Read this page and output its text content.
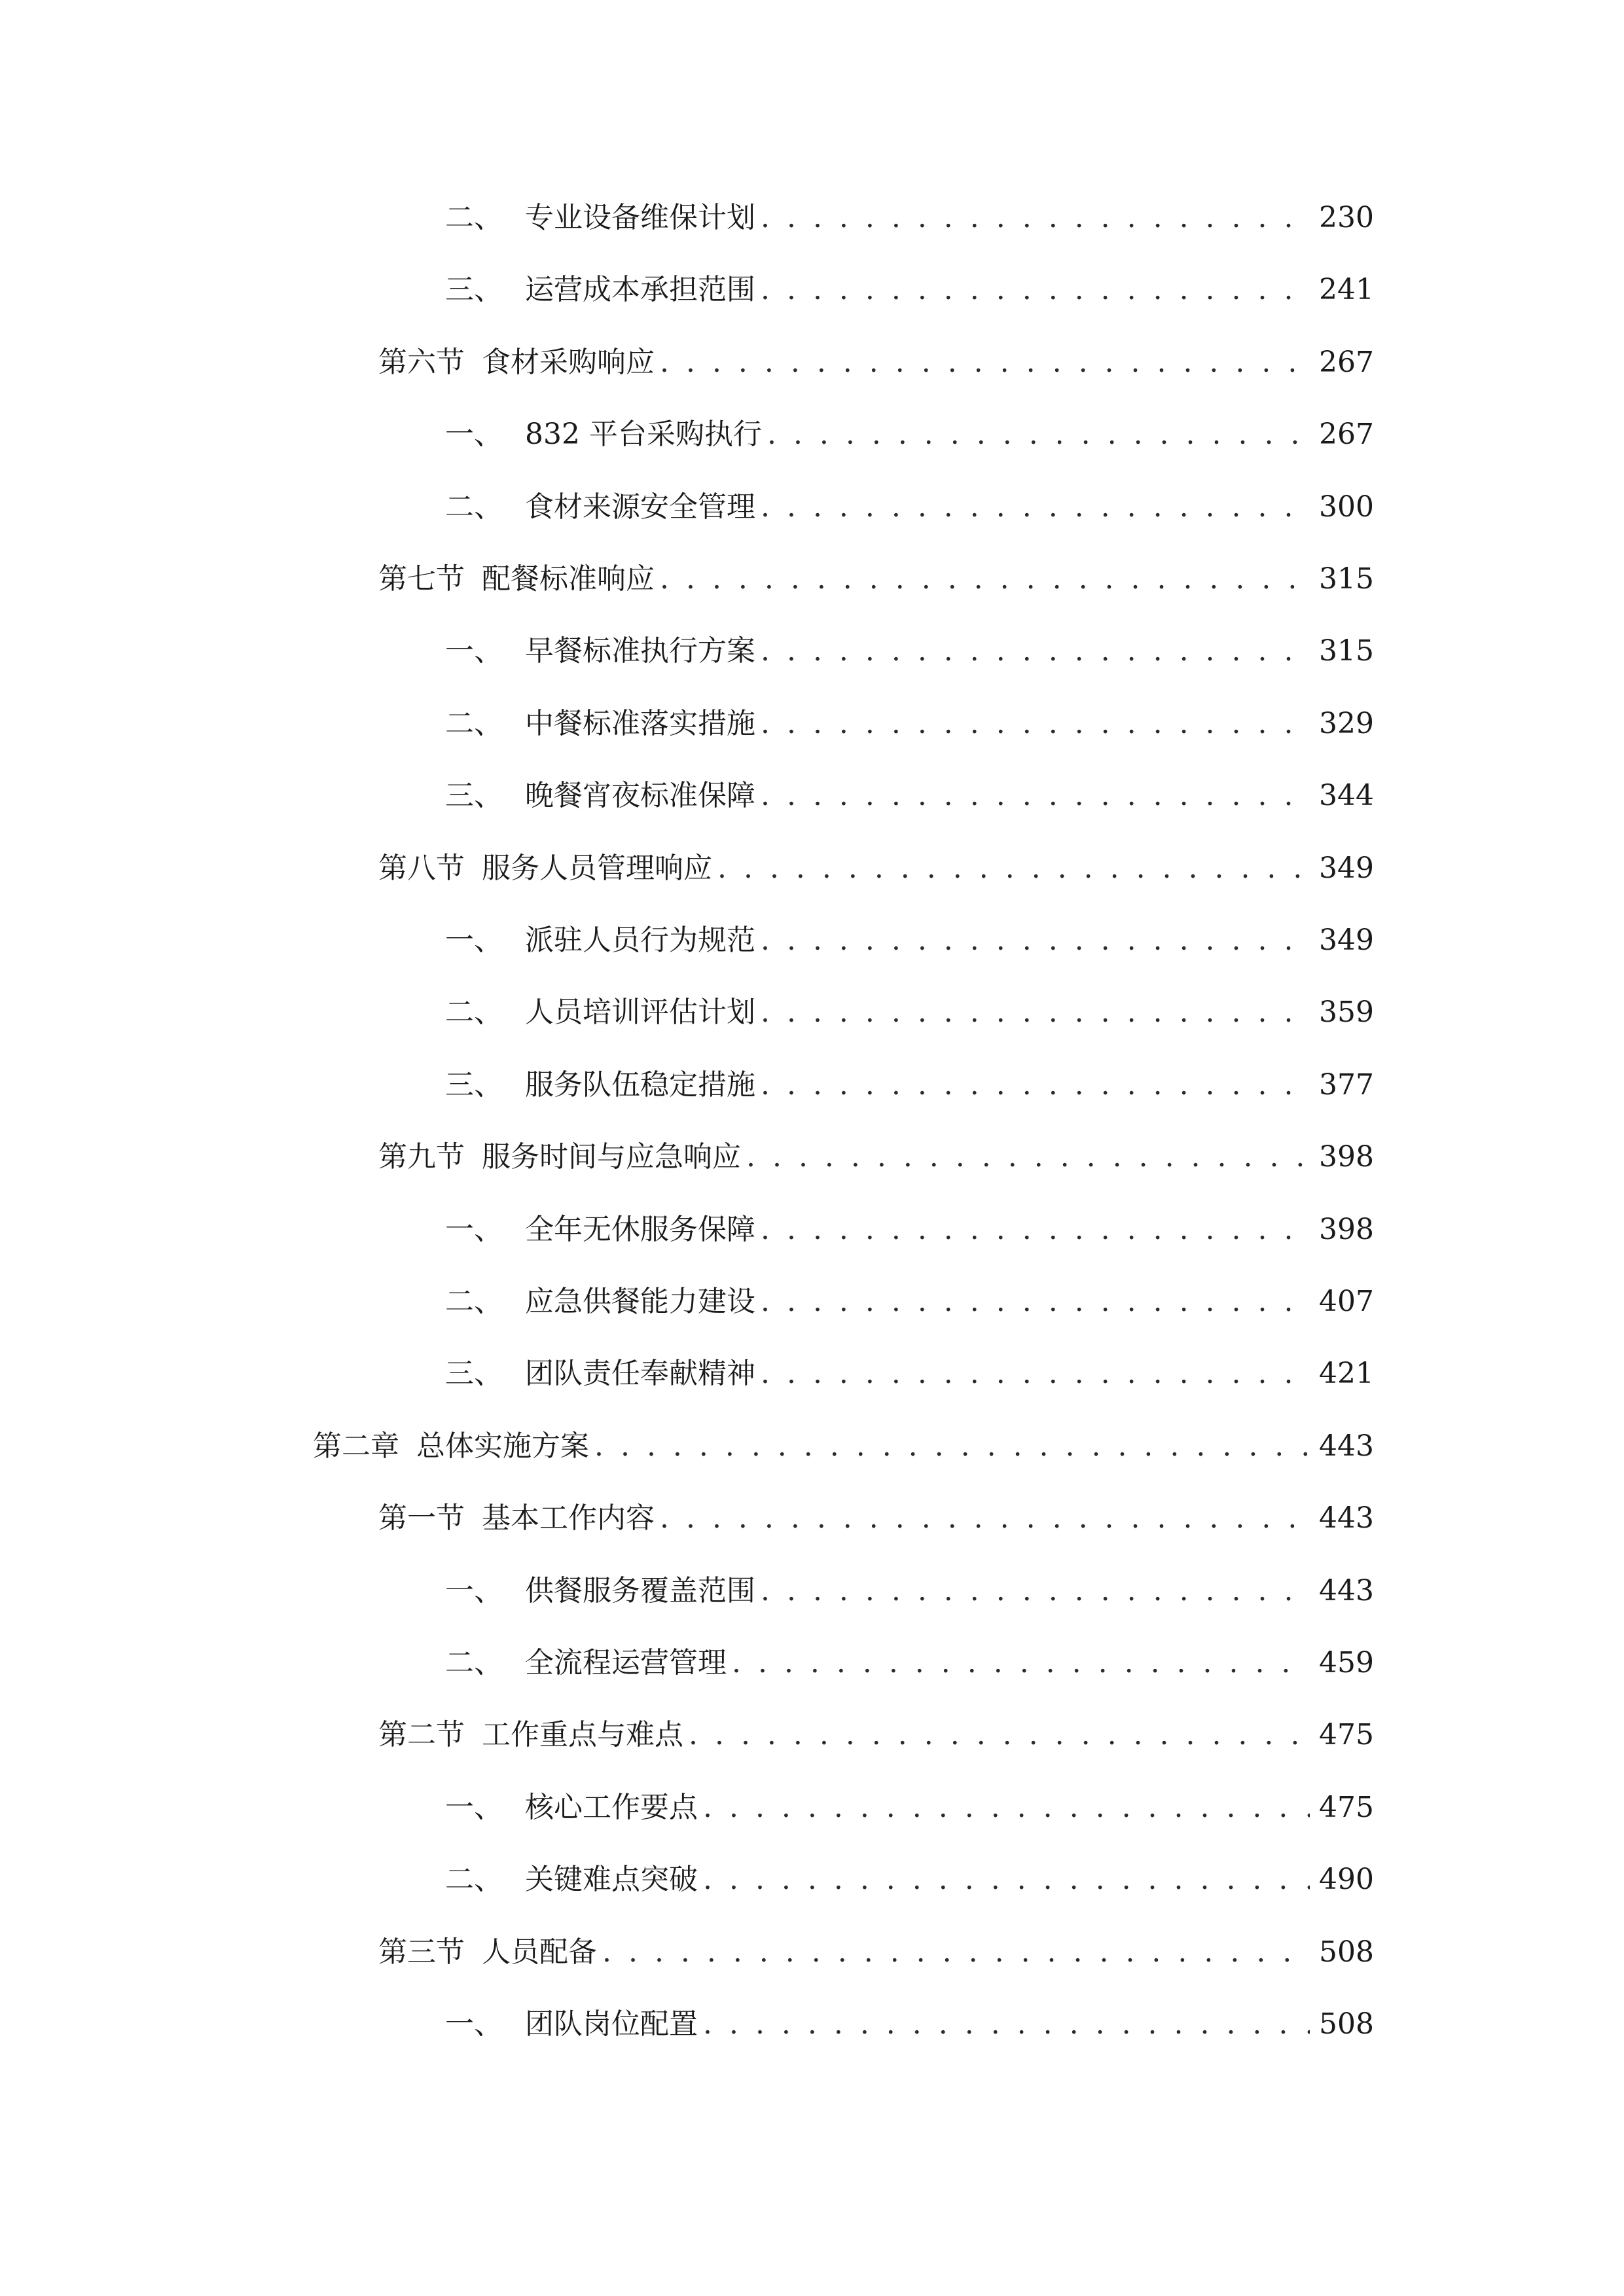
二、 专业设备维保计划 . . .	230
三、 运营成本承担范围 . . .	241
第六节 食材采购响应 . . .	267
一、 832 平台采购执行 . . .	267
二、 食材来源安全管理 . . .	300
第七节 配餐标准响应 . . .	315
一、 早餐标准执行方案 . . .	315
二、 中餐标准落实措施 . . .	329
三、 晚餐宵夜标准保障 . . .	344
第八节 服务人员管理响应 . . .	349
一、 派驻人员行为规范 . . .	349
二、 人员培训评估计划 . . .	359
三、 服务队伍稳定措施 . . .	377
第九节 服务时间与应急响应 . . .	398
一、 全年无休服务保障 . . .	398
二、 应急供餐能力建设 . . .	407
三、 团队责任奉献精神 . . .	421
第二章 总体实施方案 . . .	443
第一节 基本工作内容 . . .	443
一、 供餐服务覆盖范围 . . .	443
二、 全流程运营管理 . . .	459
第二节 工作重点与难点 . . .	475
一、 核心工作要点 . . .	475
二、 关键难点突破 . . .	490
第三节 人员配备 . . .	508
一、 团队岗位配置 . . .	508
